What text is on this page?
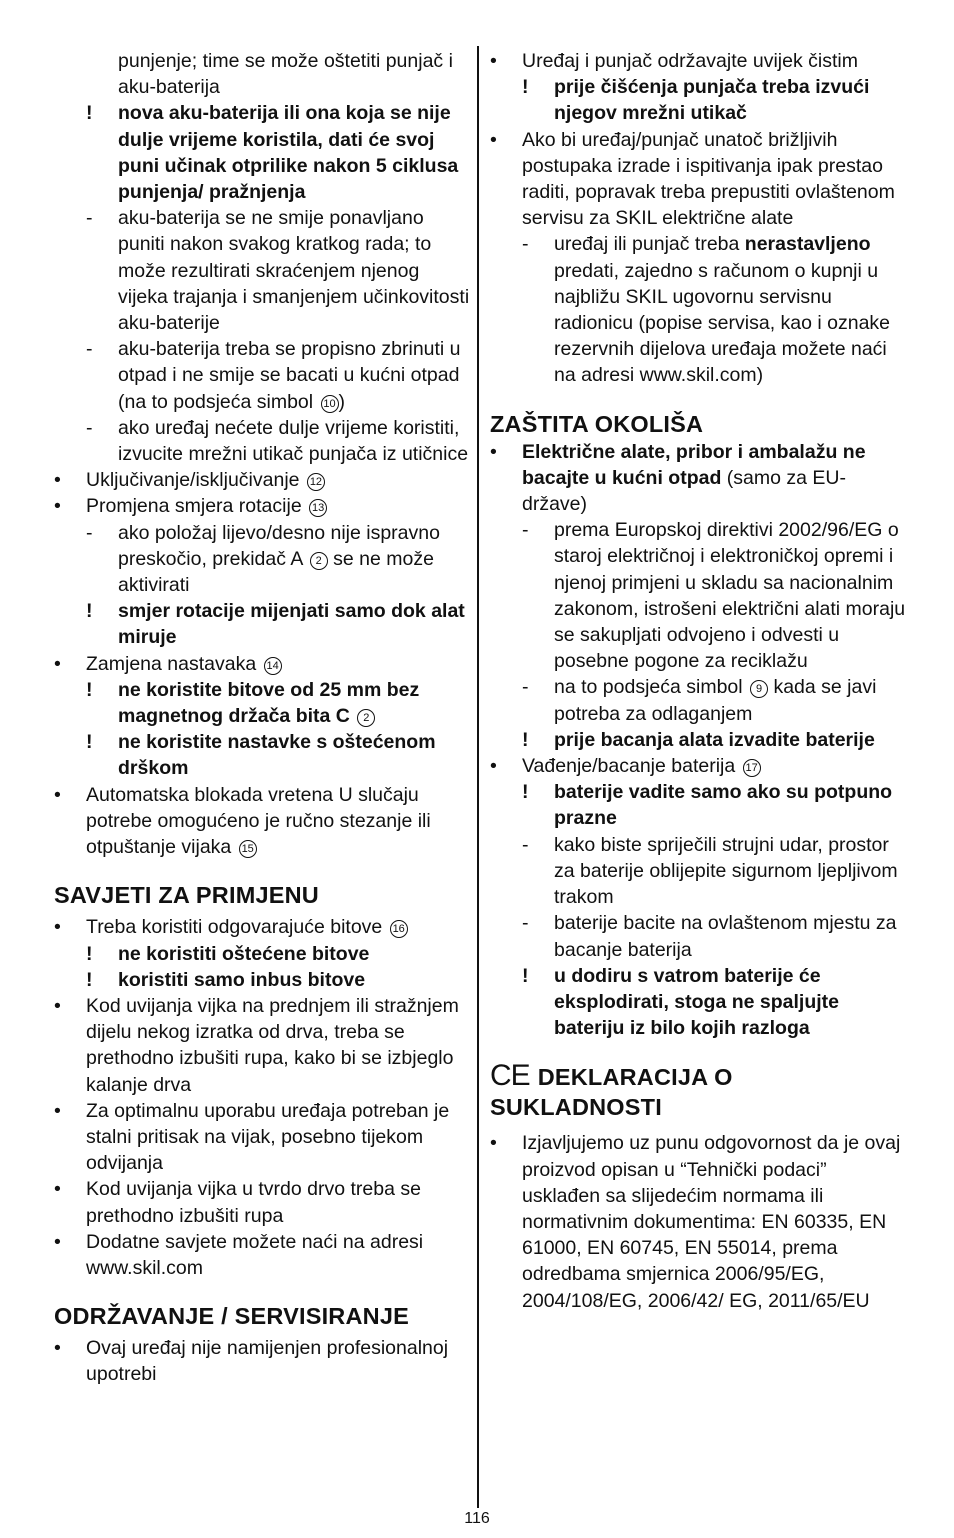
punjenje; time se može oštetiti punjač i aku-baterija
!	nova aku-baterija ili ona koja se nije dulje vrijeme koristila, dati će svoj puni učinak otprilike nakon 5 ciklusa punjenja/ pražnjenja
-	aku-baterija se ne smije ponavljano puniti nakon svakog kratkog rada; to može rezultirati skraćenjem njenog vijeka trajanja i smanjenjem učinkovitosti aku-baterije
-	aku-baterija treba se propisno zbrinuti u otpad i ne smije se bacati u kućni otpad (na to podsjeća simbol 10 )
-	ako uređaj nećete dulje vrijeme koristiti, izvucite mrežni utikač punjača iz utičnice
•	Uključivanje/isključivanje 12
•	Promjena smjera rotacije 13
-	ako položaj lijevo/desno nije ispravno preskočio, prekidač A 2 se ne može aktivirati
!	smjer rotacije mijenjati samo dok alat miruje
•	Zamjena nastavaka 14
!	ne koristite bitove od 25 mm bez magnetnog držača bita C 2
!	ne koristite nastavke s oštećenom drškom
•	Automatska blokada vretena U slučaju potrebe omogućeno je ručno stezanje ili otpuštanje vijaka 15
SAVJETI ZA PRIMJENU
•	Treba koristiti odgovarajuće bitove 16
!	ne koristiti oštećene bitove
!	koristiti samo inbus bitove
•	Kod uvijanja vijka na prednjem ili stražnjem dijelu nekog izratka od drva, treba se prethodno izbušiti rupa, kako bi se izbjeglo kalanje drva
•	Za optimalnu uporabu uređaja potreban je stalni pritisak na vijak, posebno tijekom odvijanja
•	Kod uvijanja vijka u tvrdo drvo treba se prethodno izbušiti rupa
•	Dodatne savjete možete naći na adresi www.skil.com
ODRŽAVANJE / SERVISIRANJE
•	Ovaj uređaj nije namijenjen profesionalnoj upotrebi
•	Uređaj i punjač održavajte uvijek čistim
!	prije čišćenja punjača treba izvući njegov mrežni utikač
•	Ako bi uređaj/punjač unatoč brižljivih postupaka izrade i ispitivanja ipak prestao raditi, popravak treba prepustiti ovlaštenom servisu za SKIL električne alate
-	uređaj ili punjač treba nerastavljeno predati, zajedno s računom o kupnji u najbližu SKIL ugovornu servisnu radionicu (popise servisa, kao i oznake rezervnih dijelova uređaja možete naći na adresi www.skil.com)
ZAŠTITA OKOLIŠA
•	Električne alate, pribor i ambalažu ne bacajte u kućni otpad (samo za EU-države)
-	prema Europskoj direktivi 2002/96/EG o staroj električnoj i elektroničkoj opremi i njenoj primjeni u skladu sa nacionalnim zakonom, istrošeni električni alati moraju se sakupljati odvojeno i odvesti u posebne pogone za reciklažu
-	na to podsjeća simbol 9 kada se javi potreba za odlaganjem
!	prije bacanja alata izvadite baterije
•	Vađenje/bacanje baterija 17
!	baterije vadite samo ako su potpuno prazne
-	kako biste spriječili strujni udar, prostor za baterije oblijepite sigurnom ljepljivom trakom
-	baterije bacite na ovlaštenom mjestu za bacanje baterija
!	u dodiru s vatrom baterije će eksplodirati, stoga ne spaljujte bateriju iz bilo kojih razloga
CE DEKLARACIJA O SUKLADNOSTI
•	Izjavljujemo uz punu odgovornost da je ovaj proizvod opisan u “Tehnički podaci” usklađen sa slijedećim normama ili normativnim dokumentima: EN 60335, EN 61000, EN 60745, EN 55014, prema odredbama smjernica 2006/95/EG, 2004/108/EG, 2006/42/ EG, 2011/65/EU
116
